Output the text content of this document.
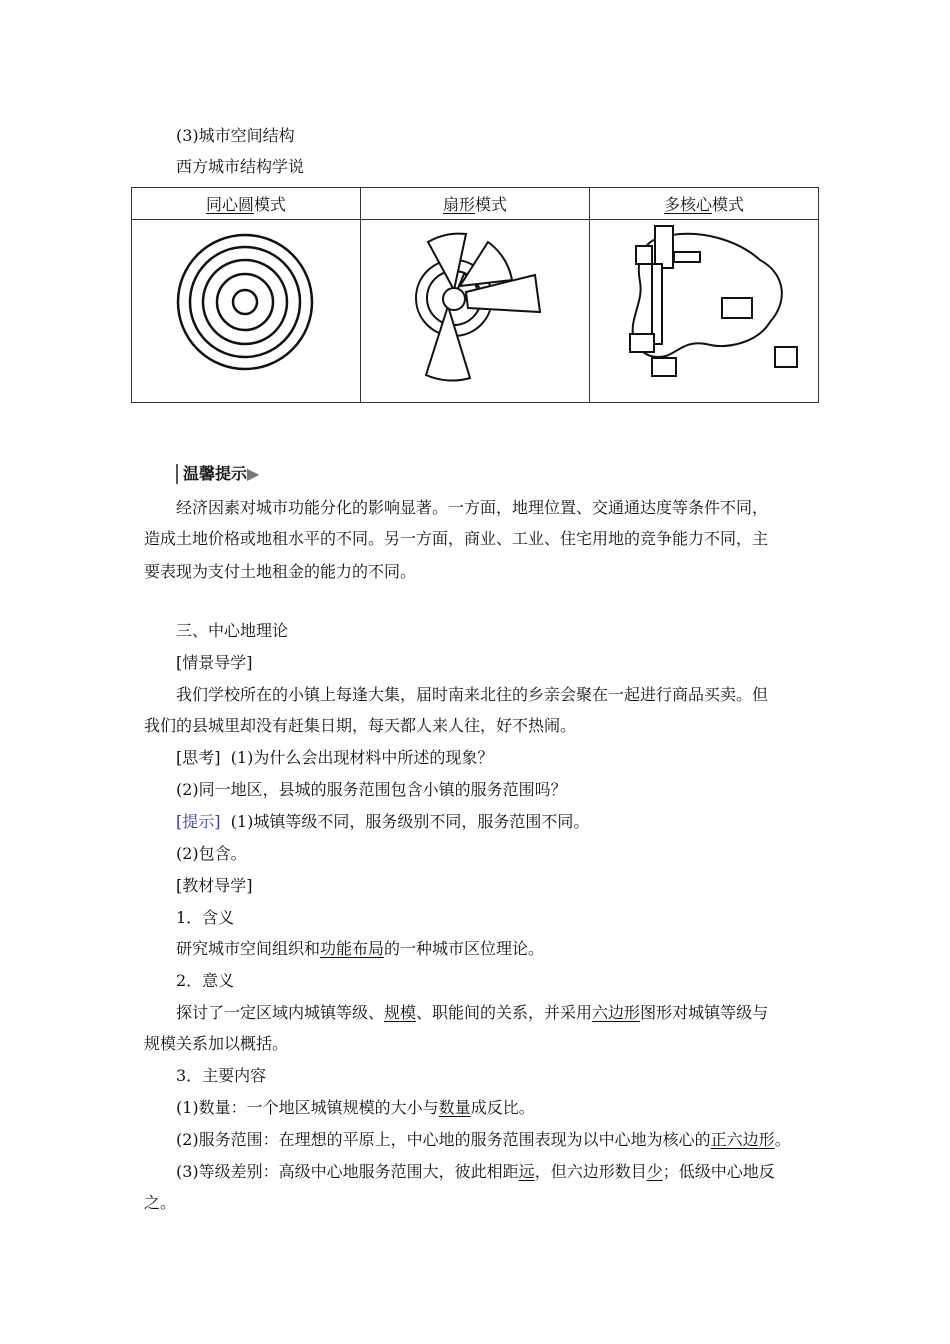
(3)城市空间结构
西方城市结构学说
同心圆模式	扇形模式	多核心模式

温馨提示▶
经济因素对城市功能分化的影响显著。一方面，地理位置、交通通达度等条件不同，
造成土地价格或地租水平的不同。另一方面，商业、工业、住宅用地的竞争能力不同，主
要表现为支付土地租金的能力的不同。
三、中心地理论
[情景导学]
我们学校所在的小镇上每逢大集，届时南来北往的乡亲会聚在一起进行商品买卖。但
我们的县城里却没有赶集日期，每天都人来人往，好不热闹。
[思考] (1)为什么会出现材料中所述的现象？
(2)同一地区，县城的服务范围包含小镇的服务范围吗？
[提示] (1)城镇等级不同，服务级别不同，服务范围不同。
(2)包含。
[教材导学]
1．含义
研究城市空间组织和功能布局的一种城市区位理论。
2．意义
探讨了一定区域内城镇等级、规模、职能间的关系，并采用六边形图形对城镇等级与
规模关系加以概括。
3．主要内容
(1)数量：一个地区城镇规模的大小与数量成反比。
(2)服务范围：在理想的平原上，中心地的服务范围表现为以中心地为核心的正六边形。
(3)等级差别：高级中心地服务范围大，彼此相距远，但六边形数目少；低级中心地反
之。
